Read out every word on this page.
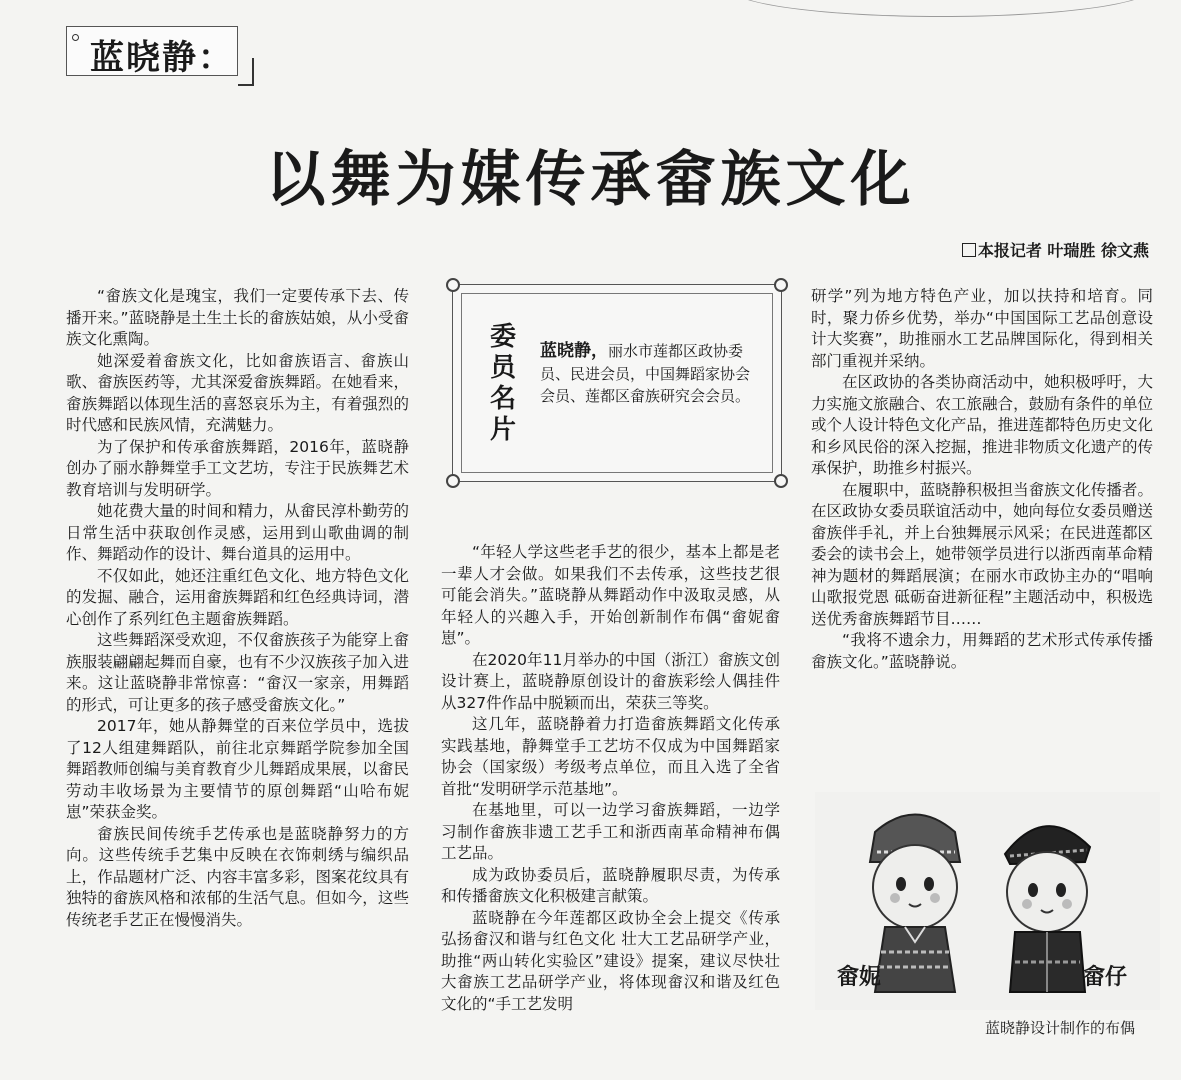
蓝晓静：
以舞为媒传承畲族文化
本报记者 叶瑞胜 徐文燕

“畲族文化是瑰宝，我们一定要传承下去、传播开来。”蓝晓静是土生土长的畲族姑娘，从小受畲族文化熏陶。

她深爱着畲族文化，比如畲族语言、畲族山歌、畲族医药等，尤其深爱畲族舞蹈。在她看来，畲族舞蹈以体现生活的喜怒哀乐为主，有着强烈的时代感和民族风情，充满魅力。

为了保护和传承畲族舞蹈，2016年，蓝晓静创办了丽水静舞堂手工文艺坊，专注于民族舞艺术教育培训与发明研学。

她花费大量的时间和精力，从畲民淳朴勤劳的日常生活中获取创作灵感，运用到山歌曲调的制作、舞蹈动作的设计、舞台道具的运用中。

不仅如此，她还注重红色文化、地方特色文化的发掘、融合，运用畲族舞蹈和红色经典诗词，潜心创作了系列红色主题畲族舞蹈。

这些舞蹈深受欢迎，不仅畲族孩子为能穿上畲族服装翩翩起舞而自豪，也有不少汉族孩子加入进来。这让蓝晓静非常惊喜：“畲汉一家亲，用舞蹈的形式，可让更多的孩子感受畲族文化。”

2017年，她从静舞堂的百来位学员中，选拔了12人组建舞蹈队，前往北京舞蹈学院参加全国舞蹈教师创编与美育教育少儿舞蹈成果展，以畲民劳动丰收场景为主要情节的原创舞蹈“山哈布妮崽”荣获金奖。

畲族民间传统手艺传承也是蓝晓静努力的方向。这些传统手艺集中反映在衣饰刺绣与编织品上，作品题材广泛、内容丰富多彩，图案花纹具有独特的畲族风格和浓郁的生活气息。但如今，这些传统老手艺正在慢慢消失。

委
员
名
片
蓝晓静，丽水市莲都区政协委员、民进会员，中国舞蹈家协会会员、莲都区畲族研究会会员。

“年轻人学这些老手艺的很少，基本上都是老一辈人才会做。如果我们不去传承，这些技艺很可能会消失。”蓝晓静从舞蹈动作中汲取灵感，从年轻人的兴趣入手，开始创新制作布偶“畲妮畲崽”。

在2020年11月举办的中国（浙江）畲族文创设计赛上，蓝晓静原创设计的畲族彩绘人偶挂件从327件作品中脱颖而出，荣获三等奖。

这几年，蓝晓静着力打造畲族舞蹈文化传承实践基地，静舞堂手工艺坊不仅成为中国舞蹈家协会（国家级）考级考点单位，而且入选了全省首批“发明研学示范基地”。

在基地里，可以一边学习畲族舞蹈，一边学习制作畲族非遗工艺手工和浙西南革命精神布偶工艺品。

成为政协委员后，蓝晓静履职尽责，为传承和传播畲族文化积极建言献策。

蓝晓静在今年莲都区政协全会上提交《传承弘扬畲汉和谐与红色文化 壮大工艺品研学产业，助推“两山转化实验区”建设》提案，建议尽快壮大畲族工艺品研学产业，将体现畲汉和谐及红色文化的“手工艺发明

研学”列为地方特色产业，加以扶持和培育。同时，聚力侨乡优势，举办“中国国际工艺品创意设计大奖赛”，助推丽水工艺品牌国际化，得到相关部门重视并采纳。

在区政协的各类协商活动中，她积极呼吁，大力实施文旅融合、农工旅融合，鼓励有条件的单位或个人设计特色文化产品，推进莲都特色历史文化和乡风民俗的深入挖掘，推进非物质文化遗产的传承保护，助推乡村振兴。

在履职中，蓝晓静积极担当畲族文化传播者。在区政协女委员联谊活动中，她向每位女委员赠送畲族伴手礼，并上台独舞展示风采；在民进莲都区委会的读书会上，她带领学员进行以浙西南革命精神为题材的舞蹈展演；在丽水市政协主办的“唱响山歌报党恩 砥砺奋进新征程”主题活动中，积极选送优秀畲族舞蹈节目……

“我将不遗余力，用舞蹈的艺术形式传承传播畲族文化。”蓝晓静说。

畲妮	畲仔
蓝晓静设计制作的布偶
